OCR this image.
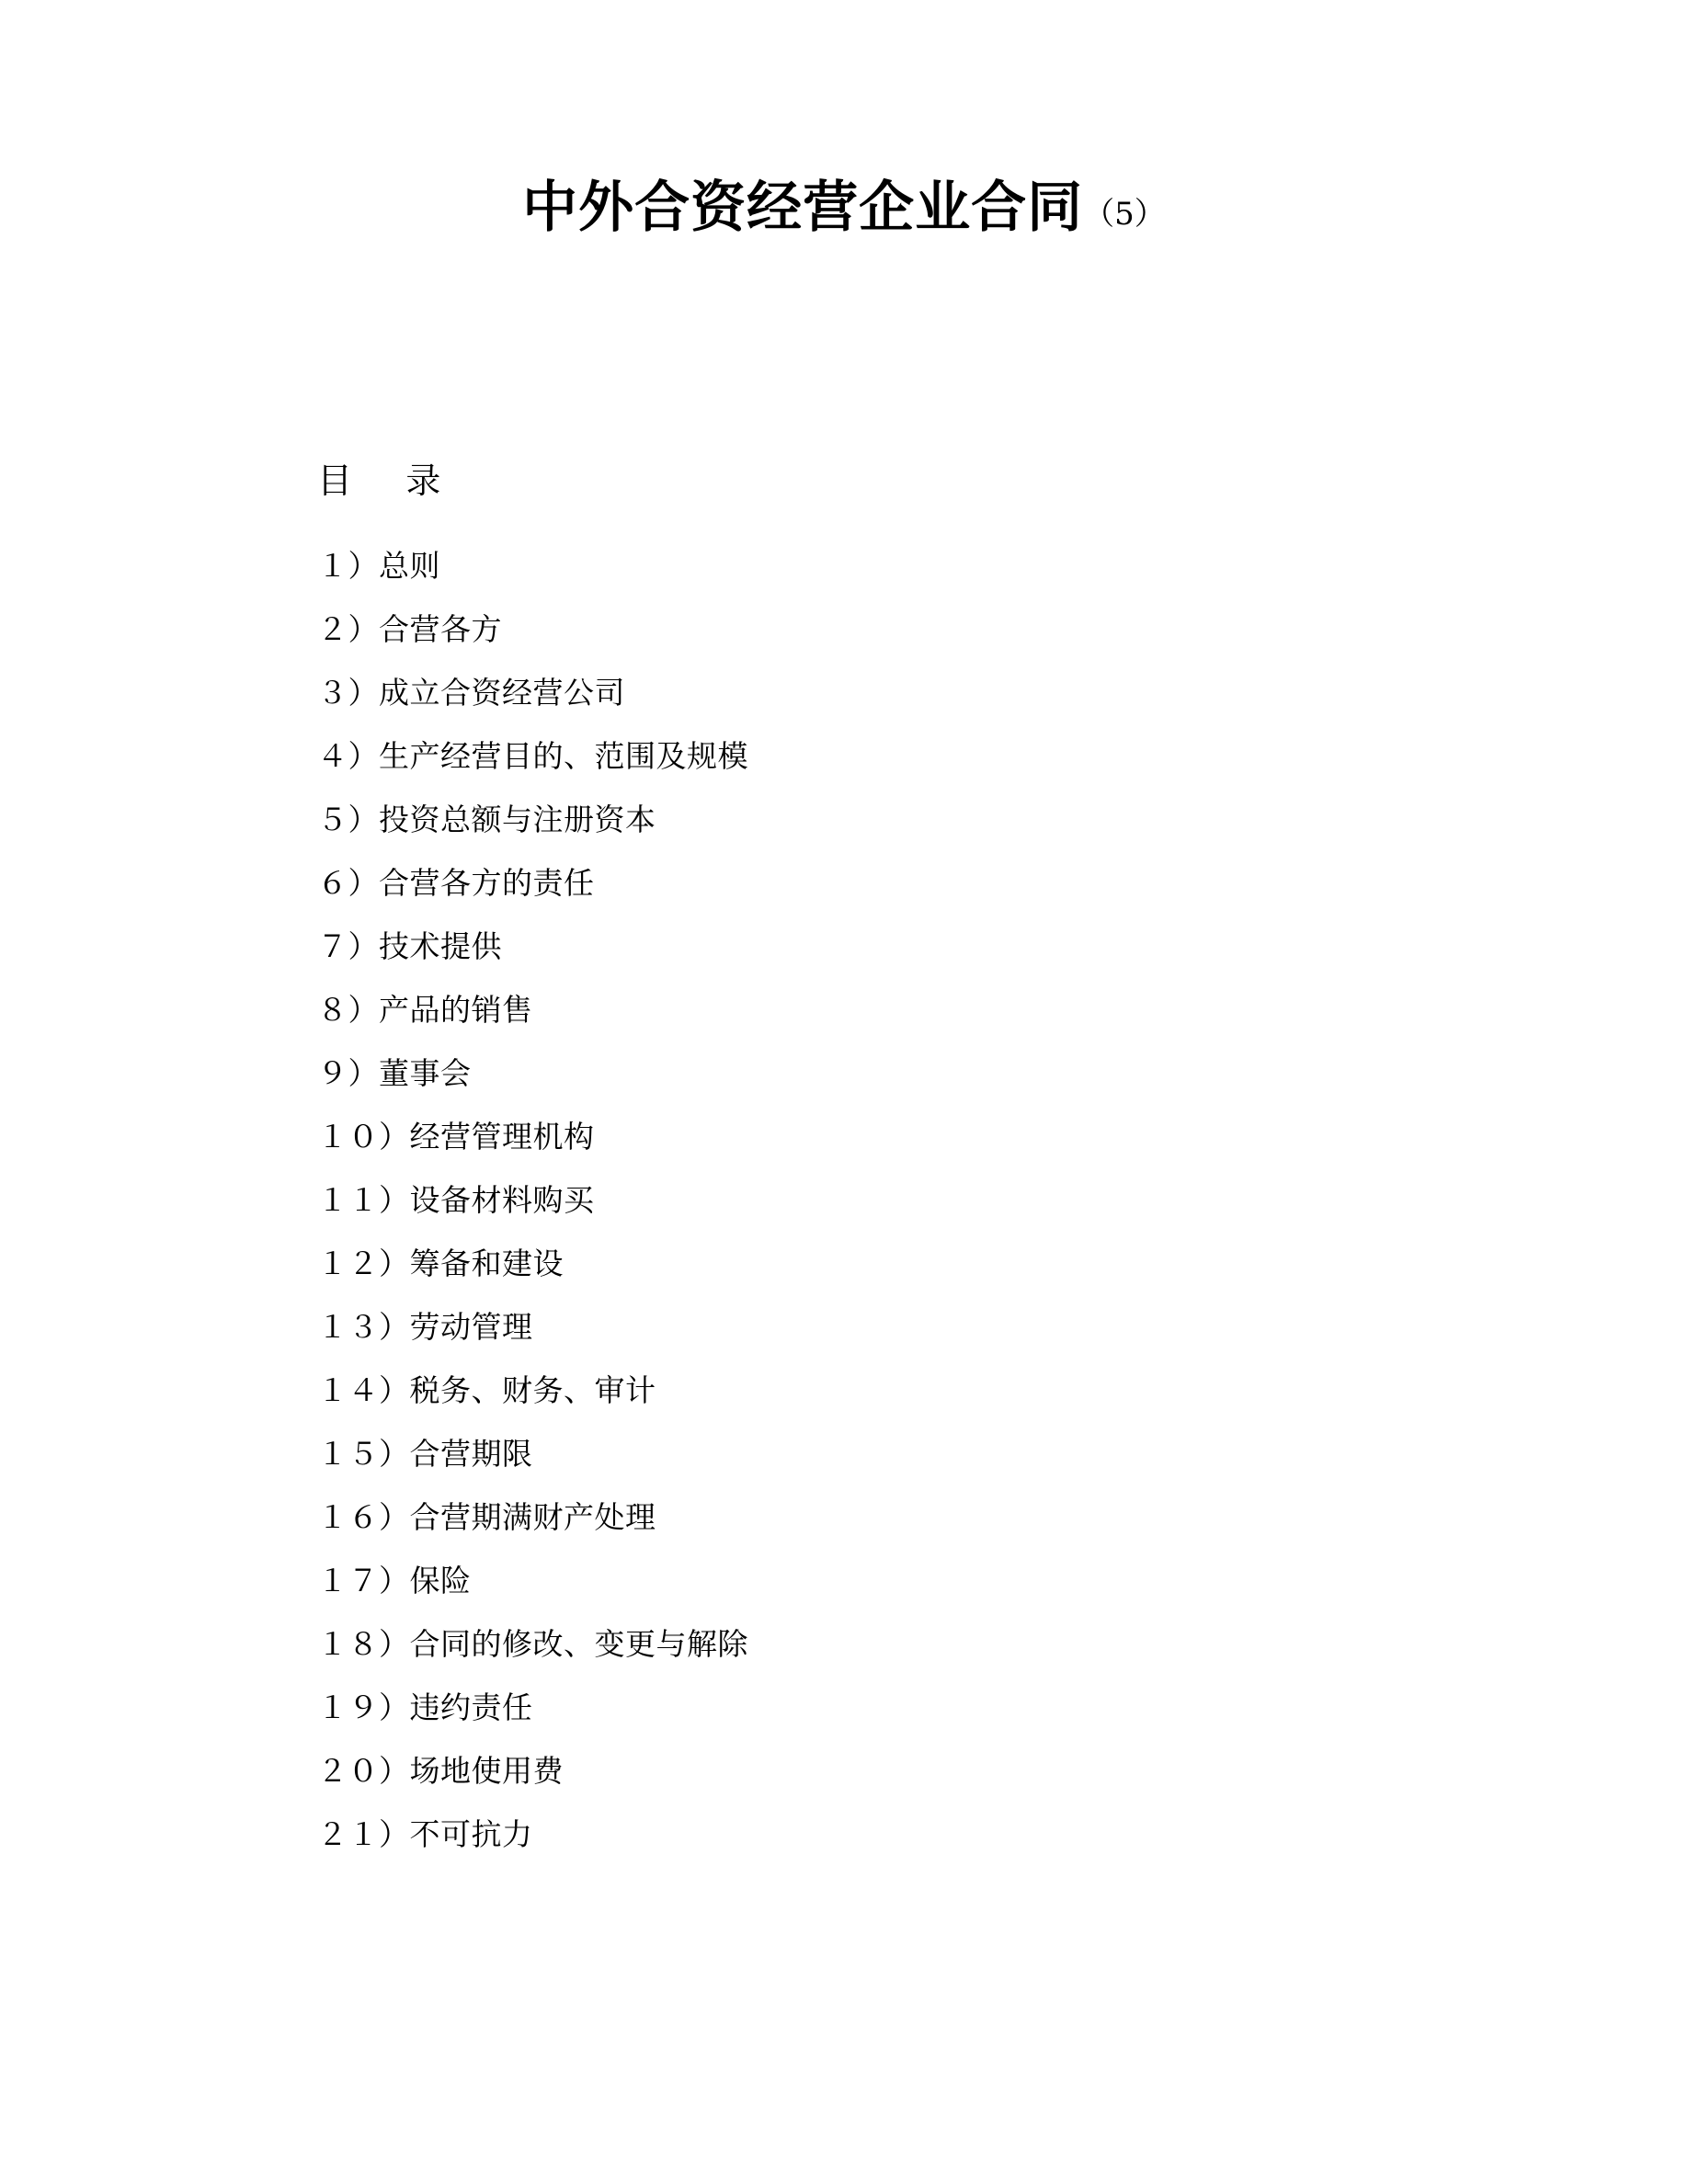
中外合资经营企业合同（5）
目    录
１）总则
２）合营各方
３）成立合资经营公司
４）生产经营目的、范围及规模
５）投资总额与注册资本
６）合营各方的责任
７）技术提供
８）产品的销售
９）董事会
１０）经营管理机构
１１）设备材料购买
１２）筹备和建设
１３）劳动管理
１４）税务、财务、审计
１５）合营期限
１６）合营期满财产处理
１７）保险
１８）合同的修改、变更与解除
１９）违约责任
２０）场地使用费
２１）不可抗力
